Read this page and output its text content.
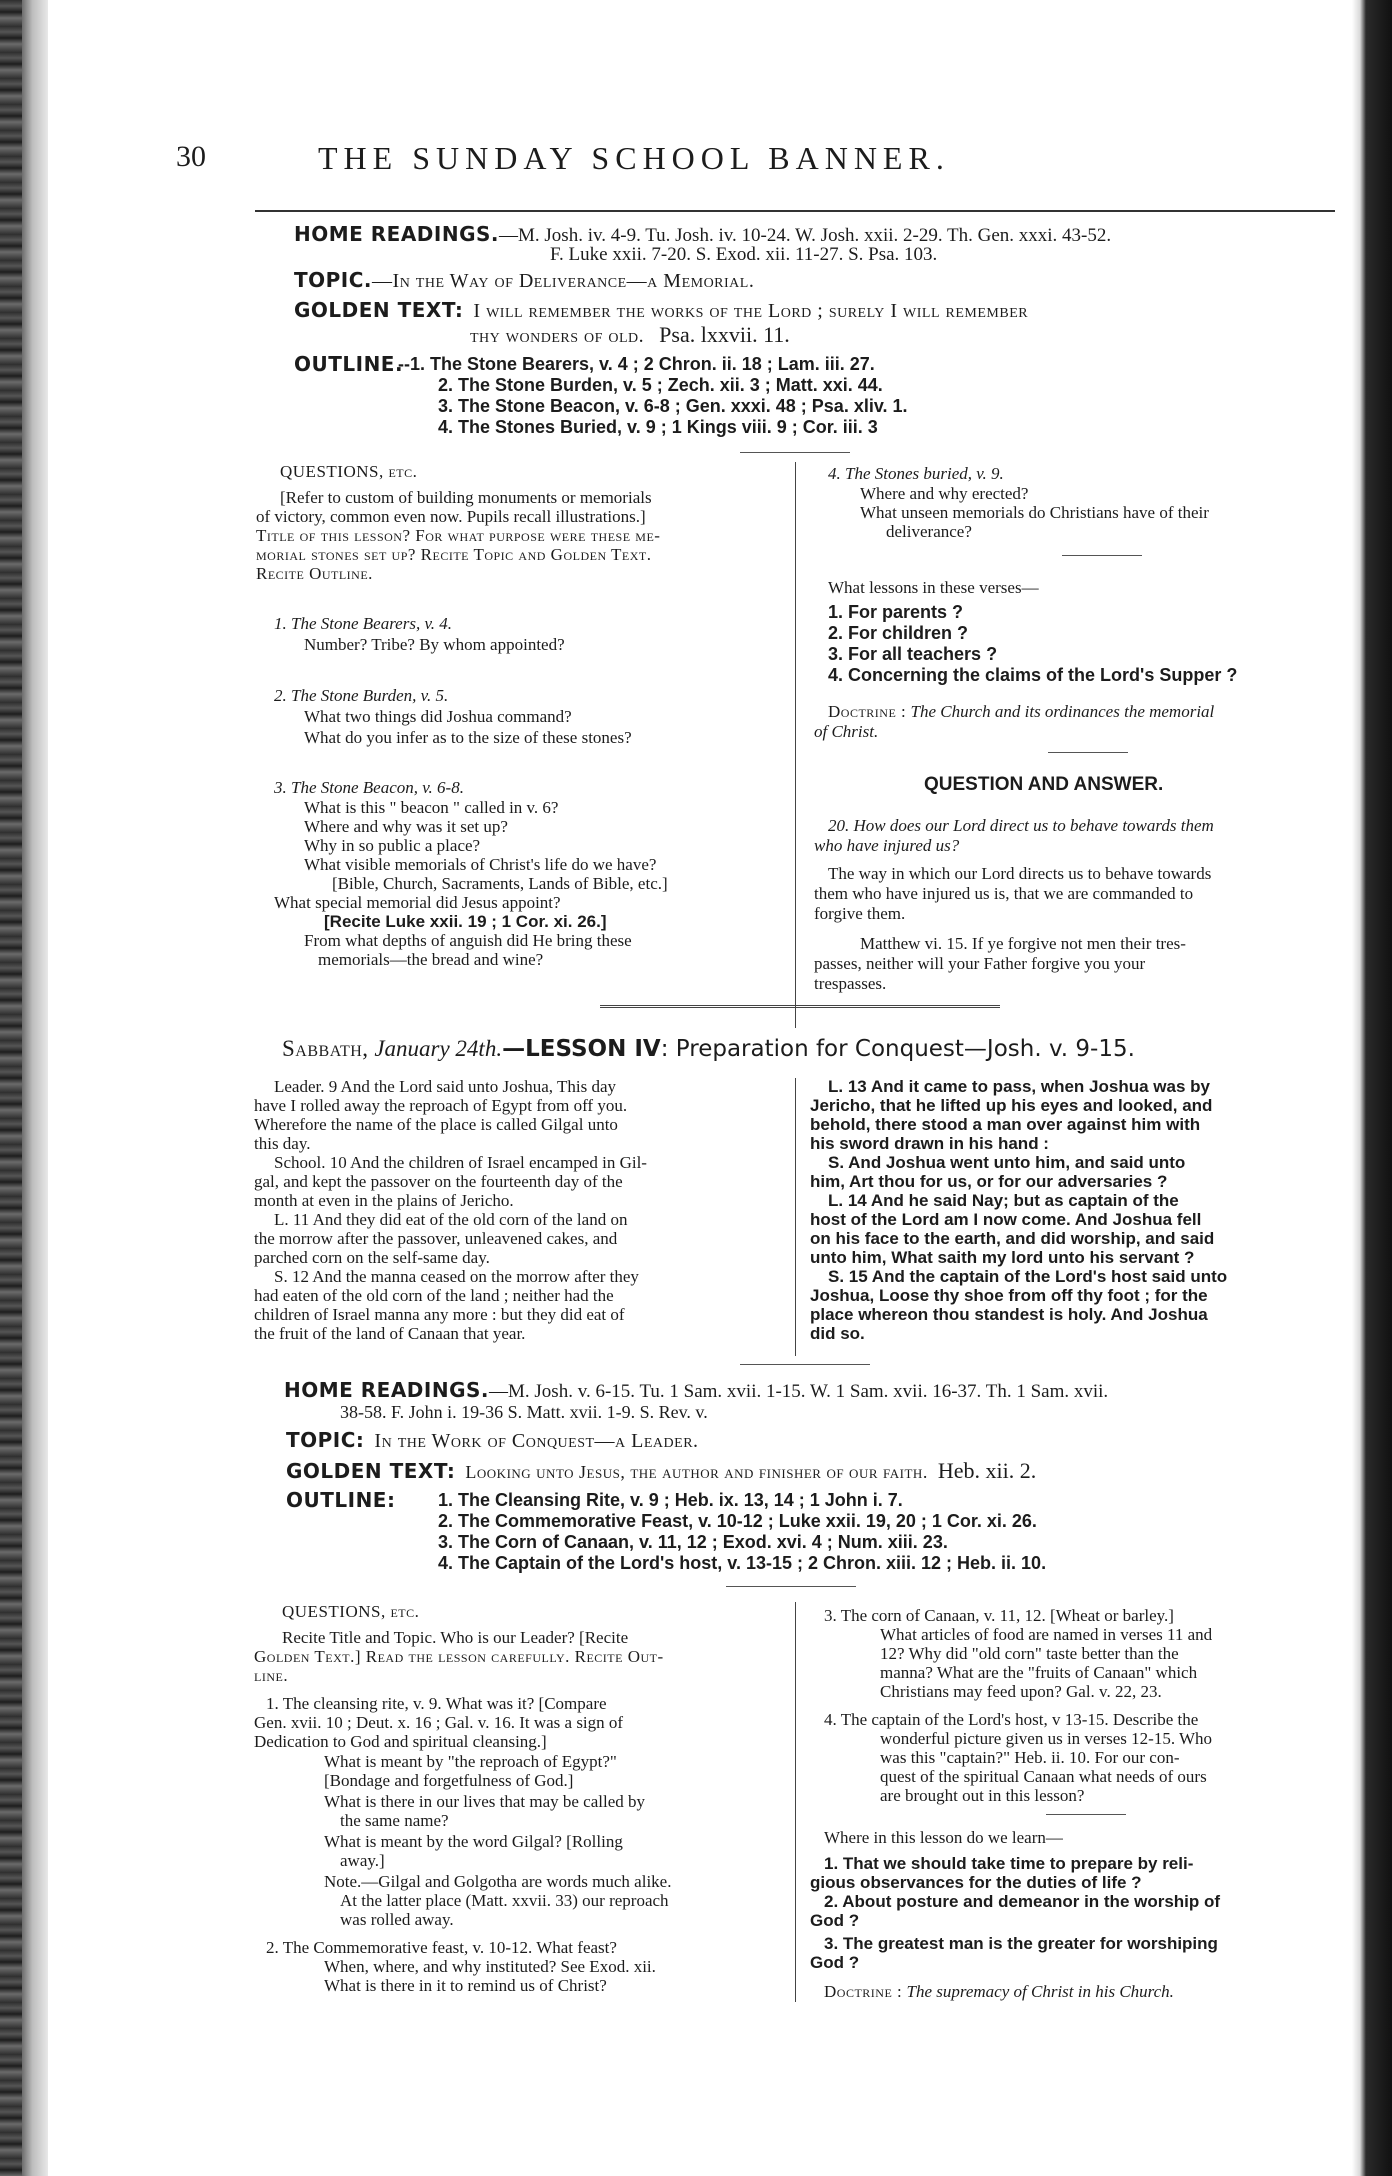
30	THE SUNDAY SCHOOL BANNER.
HOME READINGS.—M. Josh. iv. 4-9. Tu. Josh. iv. 10-24. W. Josh. xxii. 2-29. Th. Gen. xxxi. 43-52.
F. Luke xxii. 7-20. S. Exod. xii. 11-27. S. Psa. 103.
TOPIC.—In the Way of Deliverance—a Memorial.
GOLDEN TEXT: I will remember the works of the Lord ; surely I will remember
thy wonders of old. Psa. lxxvii. 11.
OUTLINE.
--1. The Stone Bearers, v. 4 ; 2 Chron. ii. 18 ; Lam. iii. 27.
2. The Stone Burden, v. 5 ; Zech. xii. 3 ; Matt. xxi. 44.
3. The Stone Beacon, v. 6-8 ; Gen. xxxi. 48 ; Psa. xliv. 1.
4. The Stones Buried, v. 9 ; 1 Kings viii. 9 ; Cor. iii. 3
QUESTIONS, etc.
[Refer to custom of building monuments or memorials
of victory, common even now. Pupils recall illustrations.]
Title of this lesson? For what purpose were these me-
morial stones set up? Recite Topic and Golden Text.
Recite Outline.
1. The Stone Bearers, v. 4.
Number? Tribe? By whom appointed?
2. The Stone Burden, v. 5.
What two things did Joshua command?
What do you infer as to the size of these stones?
3. The Stone Beacon, v. 6-8.
What is this " beacon " called in v. 6?
Where and why was it set up?
Why in so public a place?
What visible memorials of Christ's life do we have?
[Bible, Church, Sacraments, Lands of Bible, etc.]
What special memorial did Jesus appoint?
[Recite Luke xxii. 19 ; 1 Cor. xi. 26.]
From what depths of anguish did He bring these
memorials—the bread and wine?
4. The Stones buried, v. 9.
Where and why erected?
What unseen memorials do Christians have of their
deliverance?
What lessons in these verses—
1. For parents ?
2. For children ?
3. For all teachers ?
4. Concerning the claims of the Lord's Supper ?
Doctrine : The Church and its ordinances the memorial
of Christ.
QUESTION AND ANSWER.
20. How does our Lord direct us to behave towards them
who have injured us?
The way in which our Lord directs us to behave towards
them who have injured us is, that we are commanded to
forgive them.
Matthew vi. 15. If ye forgive not men their tres-
passes, neither will your Father forgive you your
trespasses.
Sabbath, January 24th.—LESSON IV: Preparation for Conquest—Josh. v. 9-15.
Leader. 9 And the Lord said unto Joshua, This day
have I rolled away the reproach of Egypt from off you.
Wherefore the name of the place is called Gilgal unto
this day.
School. 10 And the children of Israel encamped in Gil-
gal, and kept the passover on the fourteenth day of the
month at even in the plains of Jericho.
L. 11 And they did eat of the old corn of the land on
the morrow after the passover, unleavened cakes, and
parched corn on the self-same day.
S. 12 And the manna ceased on the morrow after they
had eaten of the old corn of the land ; neither had the
children of Israel manna any more : but they did eat of
the fruit of the land of Canaan that year.
L. 13 And it came to pass, when Joshua was by
Jericho, that he lifted up his eyes and looked, and
behold, there stood a man over against him with
his sword drawn in his hand :
S. And Joshua went unto him, and said unto
him, Art thou for us, or for our adversaries ?
L. 14 And he said Nay; but as captain of the
host of the Lord am I now come. And Joshua fell
on his face to the earth, and did worship, and said
unto him, What saith my lord unto his servant ?
S. 15 And the captain of the Lord's host said unto
Joshua, Loose thy shoe from off thy foot ; for the
place whereon thou standest is holy. And Joshua
did so.
HOME READINGS.—M. Josh. v. 6-15. Tu. 1 Sam. xvii. 1-15. W. 1 Sam. xvii. 16-37. Th. 1 Sam. xvii.
38-58. F. John i. 19-36 S. Matt. xvii. 1-9. S. Rev. v.
TOPIC: In the Work of Conquest—a Leader.
GOLDEN TEXT: Looking unto Jesus, the author and finisher of our faith. Heb. xii. 2.
OUTLINE: 1. The Cleansing Rite, v. 9 ; Heb. ix. 13, 14 ; 1 John i. 7.
2. The Commemorative Feast, v. 10-12 ; Luke xxii. 19, 20 ; 1 Cor. xi. 26.
3. The Corn of Canaan, v. 11, 12 ; Exod. xvi. 4 ; Num. xiii. 23.
4. The Captain of the Lord's host, v. 13-15 ; 2 Chron. xiii. 12 ; Heb. ii. 10.
QUESTIONS, etc.
Recite Title and Topic. Who is our Leader? [Recite
Golden Text.] Read the lesson carefully. Recite Out-
line.
1. The cleansing rite, v. 9. What was it? [Compare
Gen. xvii. 10 ; Deut. x. 16 ; Gal. v. 16. It was a sign of
Dedication to God and spiritual cleansing.]
What is meant by "the reproach of Egypt?"
[Bondage and forgetfulness of God.]
What is there in our lives that may be called by
the same name?
What is meant by the word Gilgal? [Rolling
away.]
Note.—Gilgal and Golgotha are words much alike.
At the latter place (Matt. xxvii. 33) our reproach
was rolled away.
2. The Commemorative feast, v. 10-12. What feast?
When, where, and why instituted? See Exod. xii.
What is there in it to remind us of Christ?
3. The corn of Canaan, v. 11, 12. [Wheat or barley.]
What articles of food are named in verses 11 and
12? Why did "old corn" taste better than the
manna? What are the "fruits of Canaan" which
Christians may feed upon? Gal. v. 22, 23.
4. The captain of the Lord's host, v 13-15. Describe the
wonderful picture given us in verses 12-15. Who
was this "captain?" Heb. ii. 10. For our con-
quest of the spiritual Canaan what needs of ours
are brought out in this lesson?
Where in this lesson do we learn—
1. That we should take time to prepare by reli-
gious observances for the duties of life ?
2. About posture and demeanor in the worship of
God ?
3. The greatest man is the greater for worshiping
God ?
Doctrine : The supremacy of Christ in his Church.
